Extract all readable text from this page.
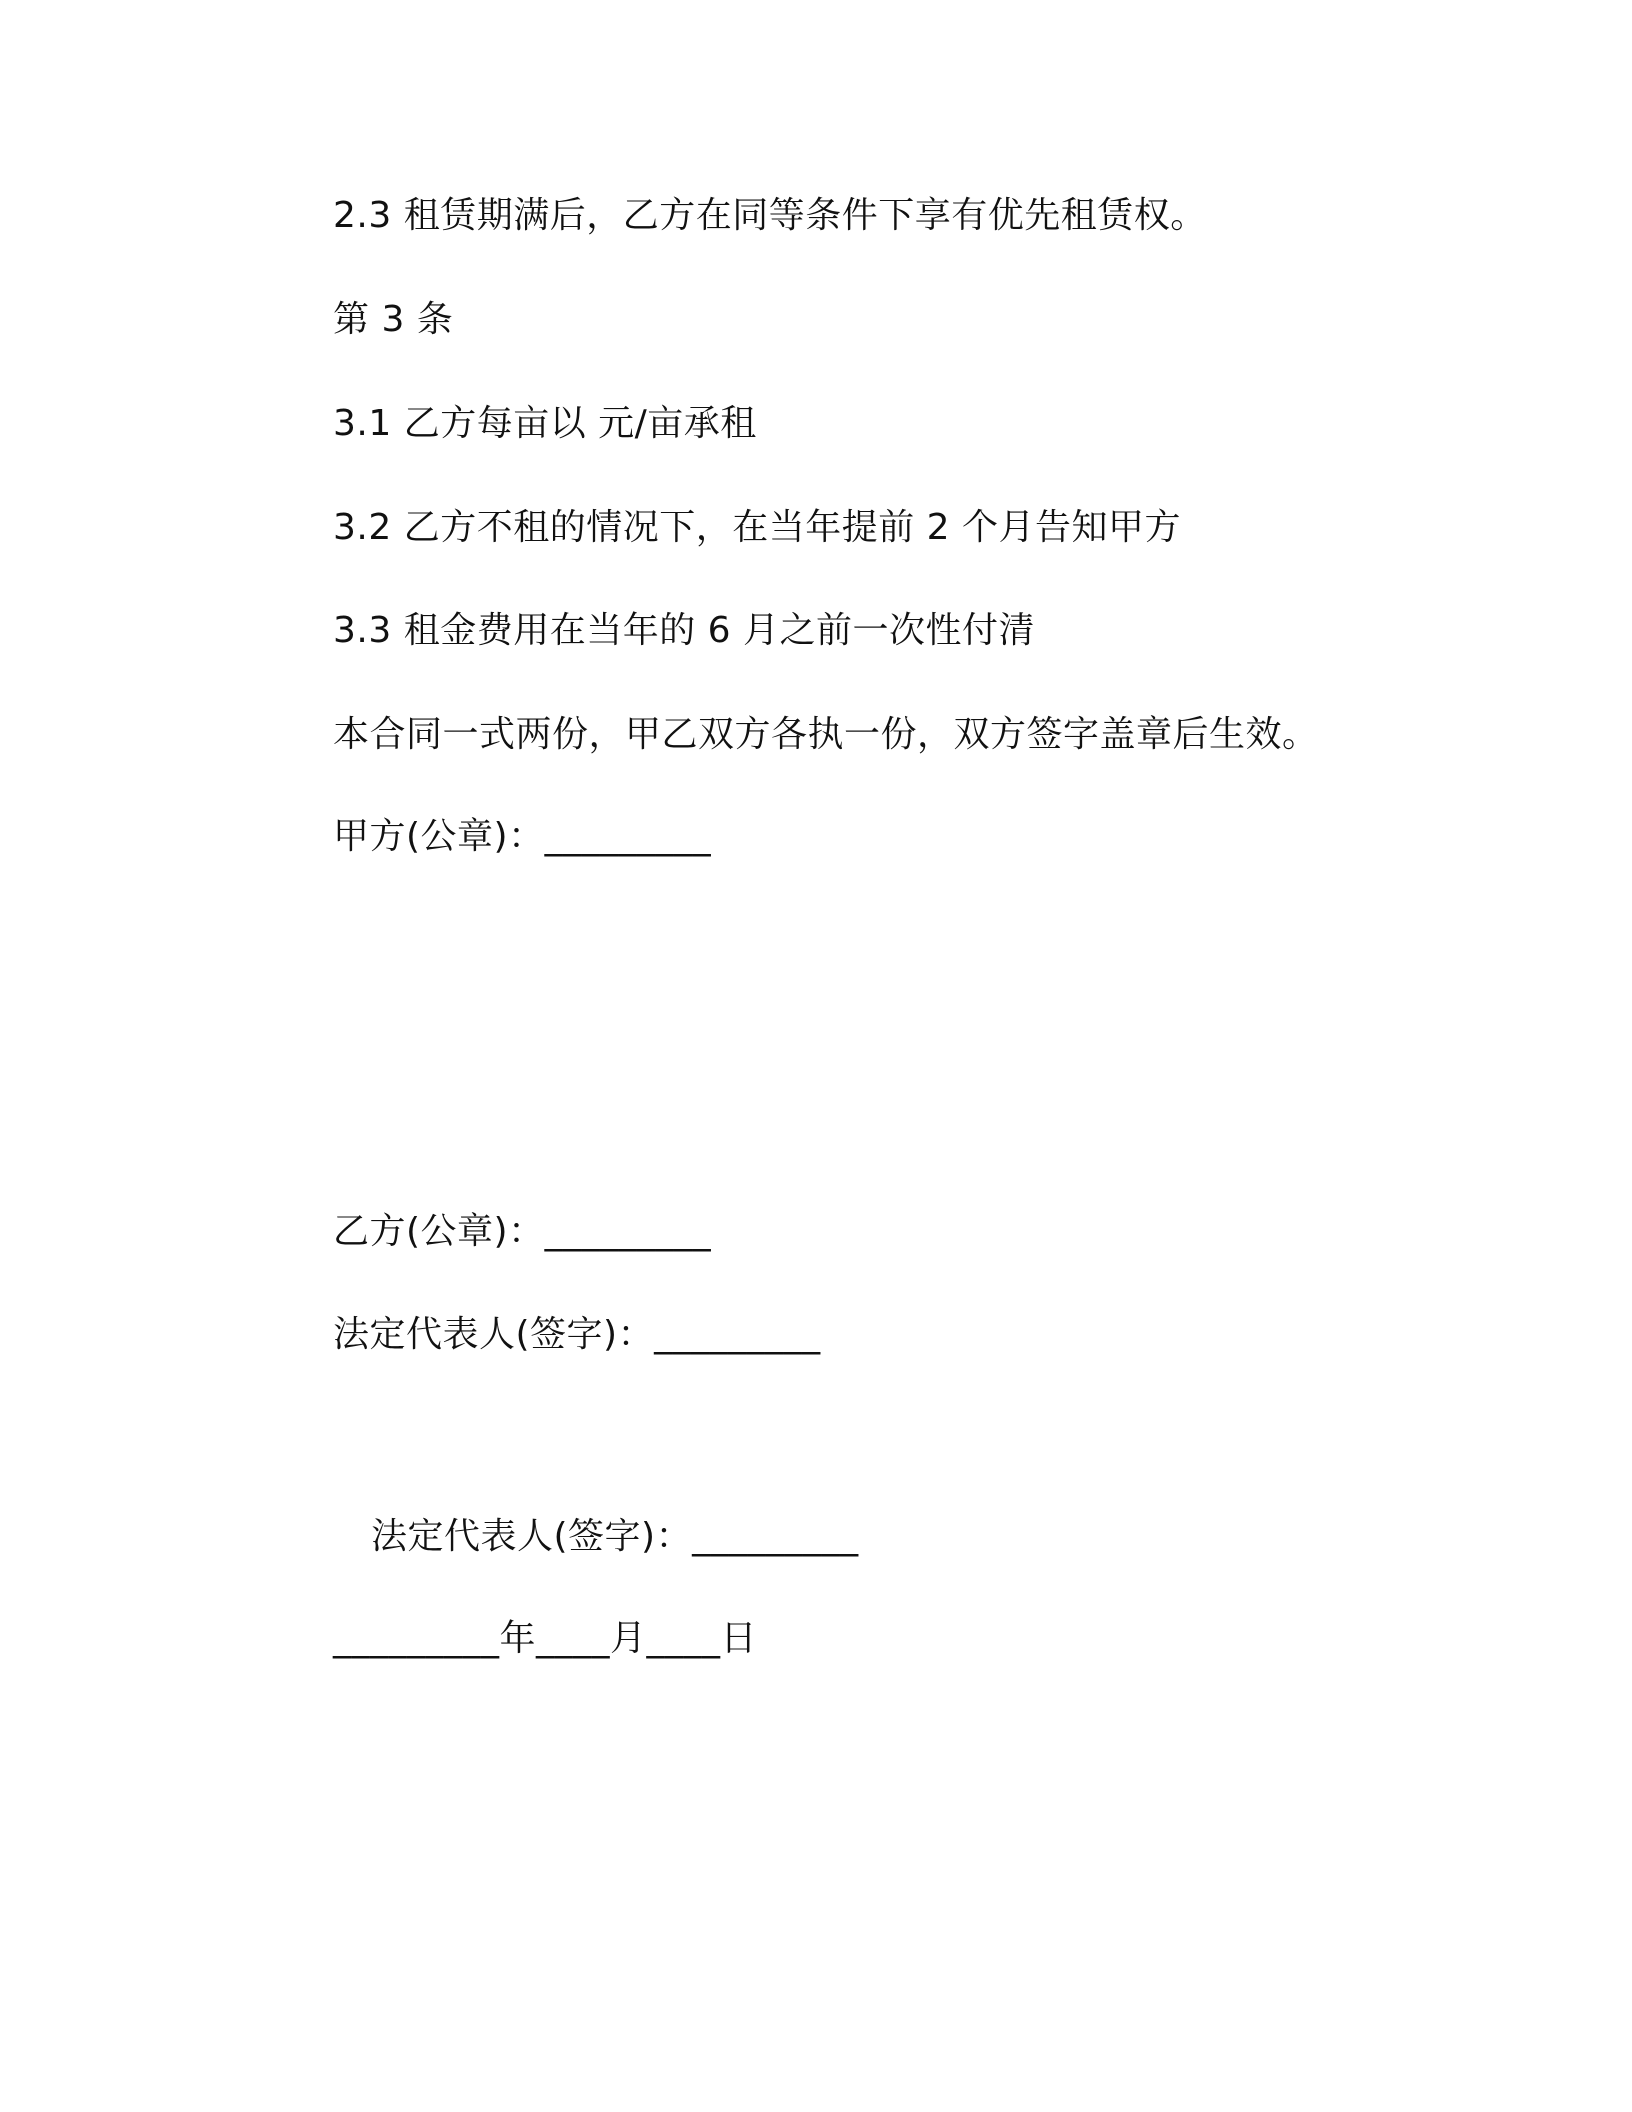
2.3 租赁期满后，乙方在同等条件下享有优先租赁权。
第 3 条
3.1 乙方每亩以 元/亩承租
3.2 乙方不租的情况下，在当年提前 2 个月告知甲方
3.3 租金费用在当年的 6 月之前一次性付清
本合同一式两份，甲乙双方各执一份，双方签字盖章后生效。
甲方(公章)：_________
乙方(公章)：_________
法定代表人(签字)：_________
法定代表人(签字)：_________
_________年____月____日
